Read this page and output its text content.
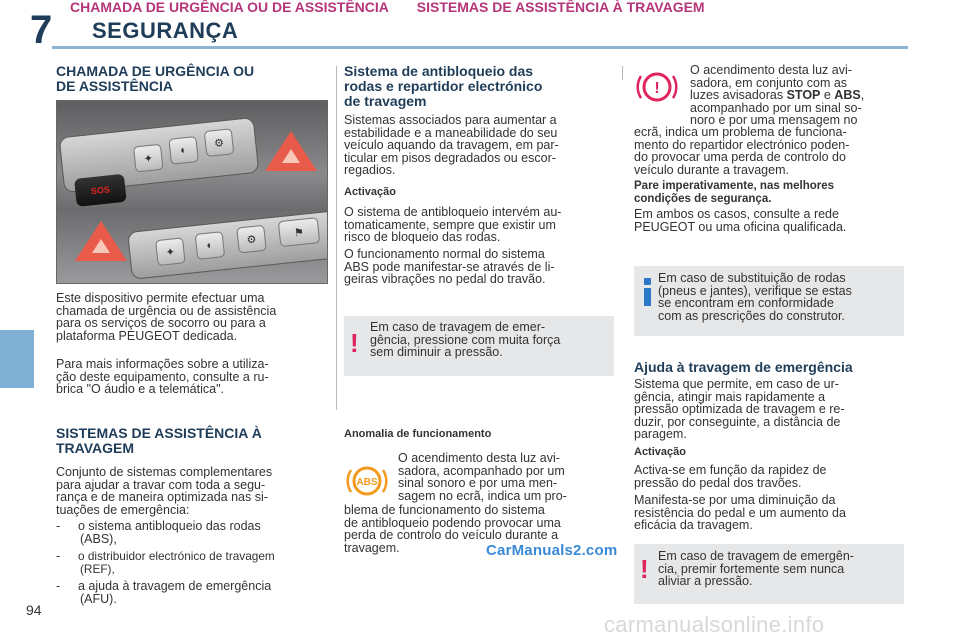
CHAMADA DE URGÊNCIA OU DE ASSISTÊNCIA SISTEMAS DE ASSISTÊNCIA À TRAVAGEM
7 SEGURANÇA
CHAMADA DE URGÊNCIA OU
DE ASSISTÊNCIA
SOS
✦
◐
⚙
✦
◐	⚙
⚑
Este dispositivo permite efectuar uma
chamada de urgência ou de assistência
para os serviços de socorro ou para a
plataforma PEUGEOT dedicada.
Para mais informações sobre a utiliza-
ção deste equipamento, consulte a ru-
brica "O áudio e a telemática".
SISTEMAS DE ASSISTÊNCIA À
TRAVAGEM
Conjunto de sistemas complementares
para ajudar a travar com toda a segu-
rança e de maneira optimizada nas si-
tuações de emergência:
- o sistema antibloqueio das rodas
(ABS),
- o distribuidor electrónico de travagem
(REF),
- a ajuda à travagem de emergência
(AFU).
Sistema de antibloqueio das
rodas e repartidor electrónico
de travagem
Sistemas associados para aumentar a
estabilidade e a maneabilidade do seu
veículo aquando da travagem, em par-
ticular em pisos degradados ou escor-
regadios.
Activação
O sistema de antibloqueio intervém au-
tomaticamente, sempre que existir um
risco de bloqueio das rodas.
O funcionamento normal do sistema
ABS pode manifestar-se através de li-
geiras vibrações no pedal do travão.
!
Em caso de travagem de emer-
gência, pressione com muita força
sem diminuir a pressão.
Anomalia de funcionamento
ABS
O acendimento desta luz avi-
sadora, acompanhado por um
sinal sonoro e por uma men-
sagem no ecrã, indica um pro-
blema de funcionamento do sistema
de antibloqueio podendo provocar uma
perda de controlo do veículo durante a
travagem.
!
O acendimento desta luz avi-
sadora, em conjunto com as
luzes avisadoras STOP e ABS,
acompanhado por um sinal so-
noro e por uma mensagem no
ecrã, indica um problema de funciona-
mento do repartidor electrónico poden-
do provocar uma perda de controlo do
veículo durante a travagem.
Pare imperativamente, nas melhores
condições de segurança.
Em ambos os casos, consulte a rede
PEUGEOT ou uma oficina qualificada.
Em caso de substituição de rodas
(pneus e jantes), verifique se estas
se encontram em conformidade
com as prescrições do construtor.
Ajuda à travagem de emergência
Sistema que permite, em caso de ur-
gência, atingir mais rapidamente a
pressão optimizada de travagem e re-
duzir, por conseguinte, a distância de
paragem.
Activação
Activa-se em função da rapidez de
pressão do pedal dos travões.
Manifesta-se por uma diminuição da
resistência do pedal e um aumento da
eficácia da travagem.
! Em caso de travagem de emergên-
cia, premir fortemente sem nunca
aliviar a pressão.
94
CarManuals2.com
carmanualsonline.info
